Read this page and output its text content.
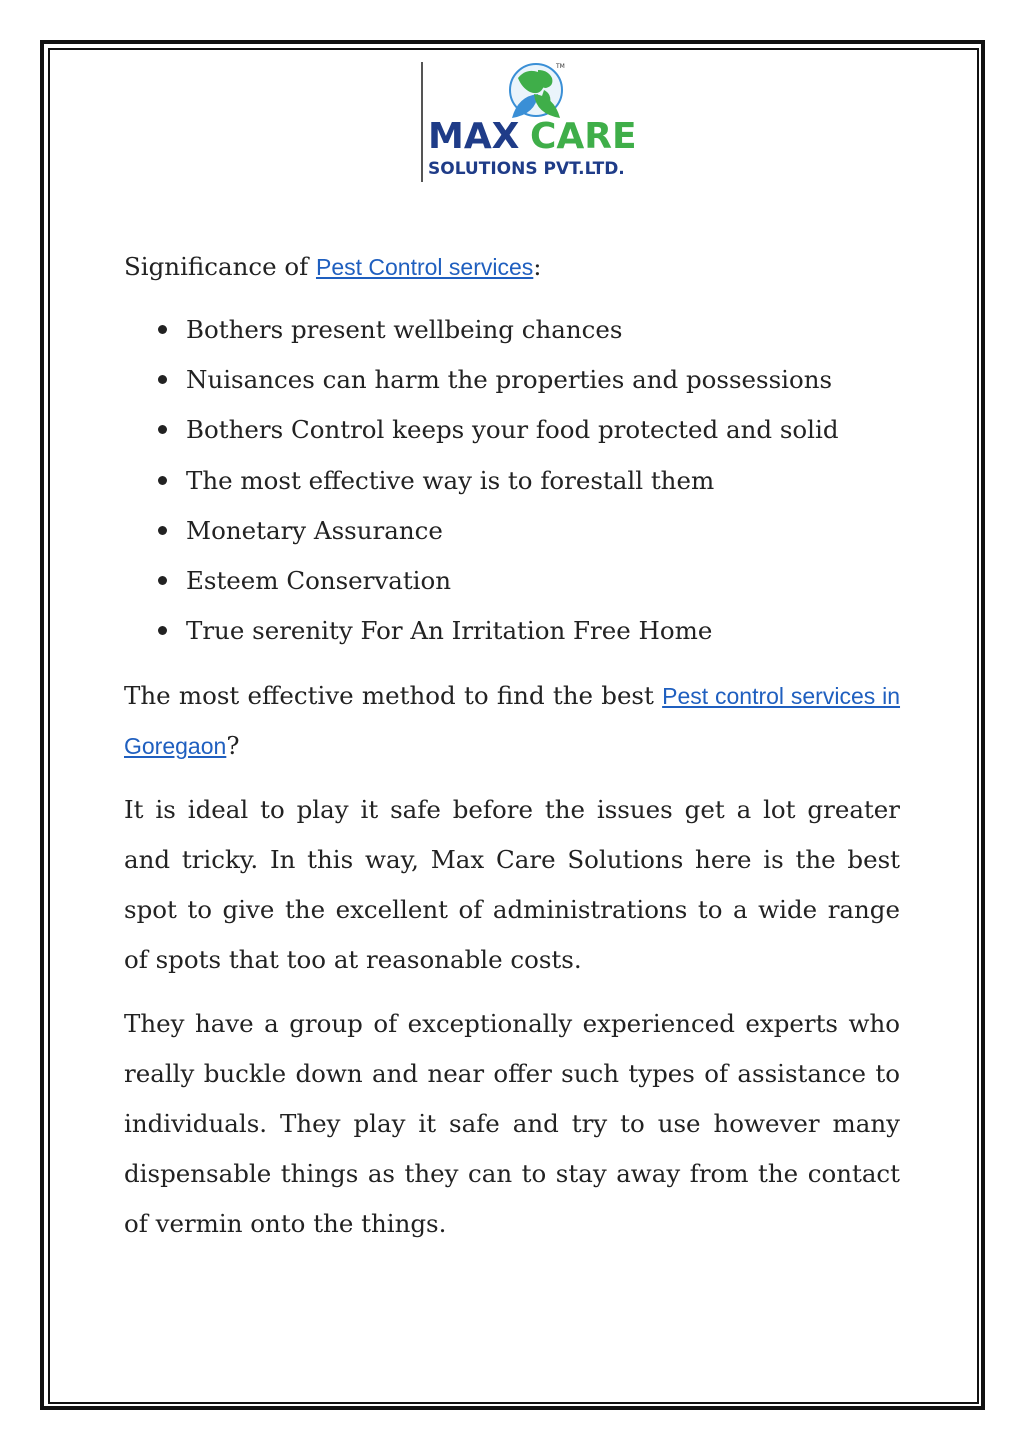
TM
MAX CARE
SOLUTIONS PVT.LTD.
Significance of Pest Control services:
Bothers present wellbeing chances
Nuisances can harm the properties and possessions
Bothers Control keeps your food protected and solid
The most effective way is to forestall them
Monetary Assurance
Esteem Conservation
True serenity For An Irritation Free Home

The most effective method to find the best Pest control services in Goregaon?

It is ideal to play it safe before the issues get a lot greater and tricky. In this way, Max Care Solutions here is the best spot to give the excellent of administrations to a wide range of spots that too at reasonable costs.

They have a group of exceptionally experienced experts who really buckle down and near offer such types of assistance to individuals. They play it safe and try to use however many dispensable things as they can to stay away from the contact of vermin onto the things.
